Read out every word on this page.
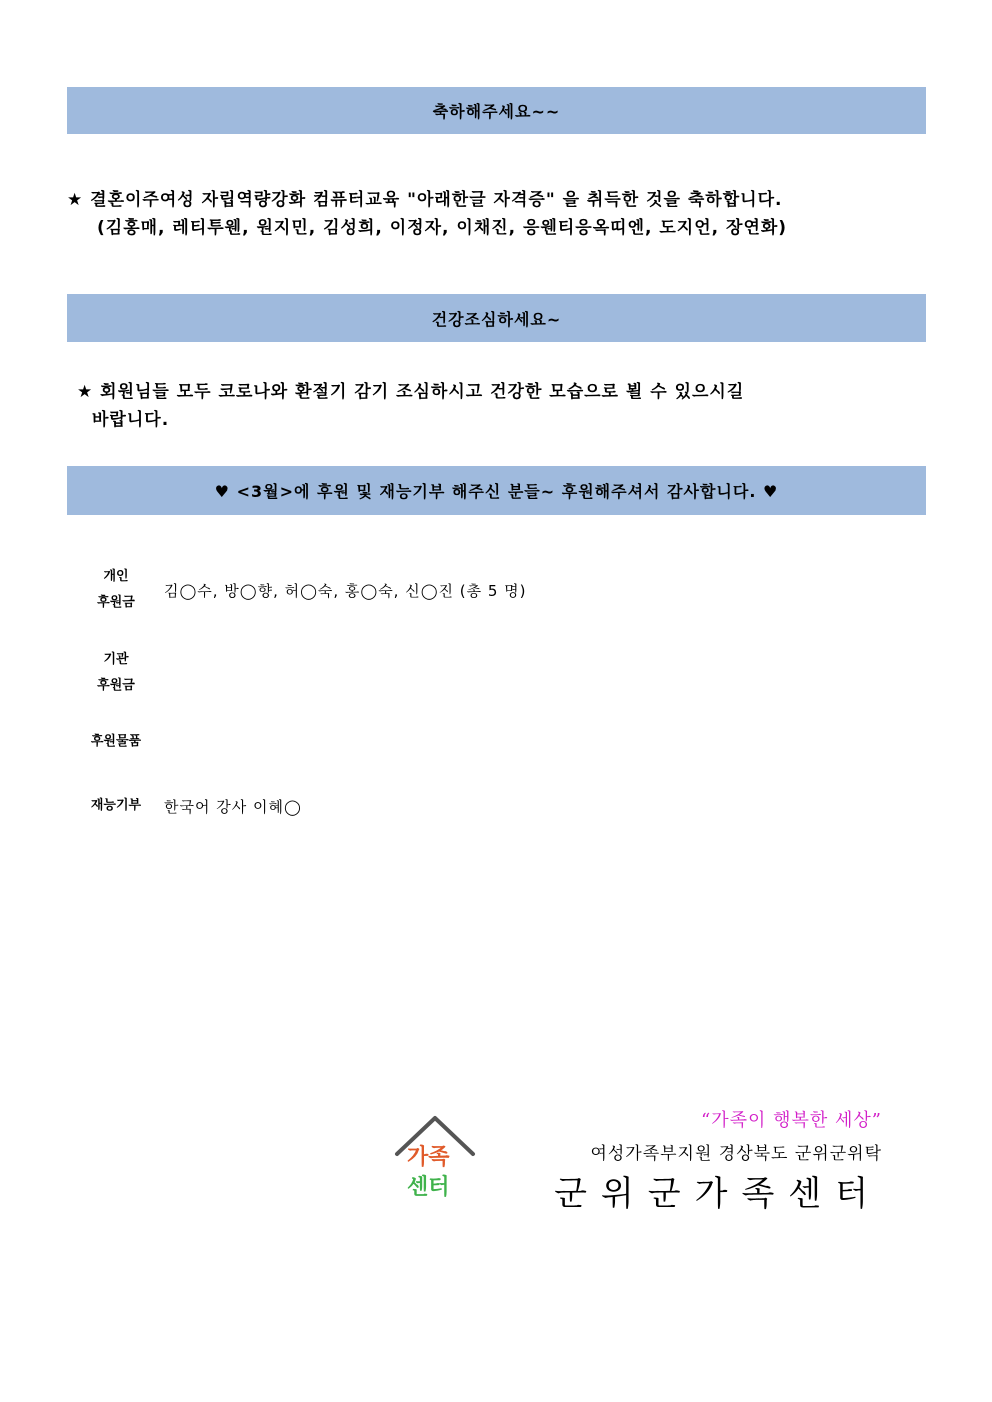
축하해주세요~~
★ 결혼이주여성 자립역량강화 컴퓨터교육 "아래한글 자격증" 을 취득한 것을 축하합니다.
(김홍매, 레티투웬, 원지민, 김성희, 이정자, 이채진, 응웬티응옥띠엔, 도지언, 장연화)
건강조심하세요~
★ 회원님들 모두 코로나와 환절기 감기 조심하시고 건강한 모습으로 뵐 수 있으시길
바랍니다.
♥ <3월>에 후원 및 재능기부 해주신 분들~ 후원해주셔서 감사합니다. ♥
개인
후원금
김◯수, 방◯향, 허◯숙, 홍◯숙, 신◯진 (총 5 명)
기관
후원금
후원물품
재능기부	한국어 강사 이혜◯
가족
센터
“가족이 행복한 세상”
여성가족부지원 경상북도 군위군위탁
군위군가족센터
